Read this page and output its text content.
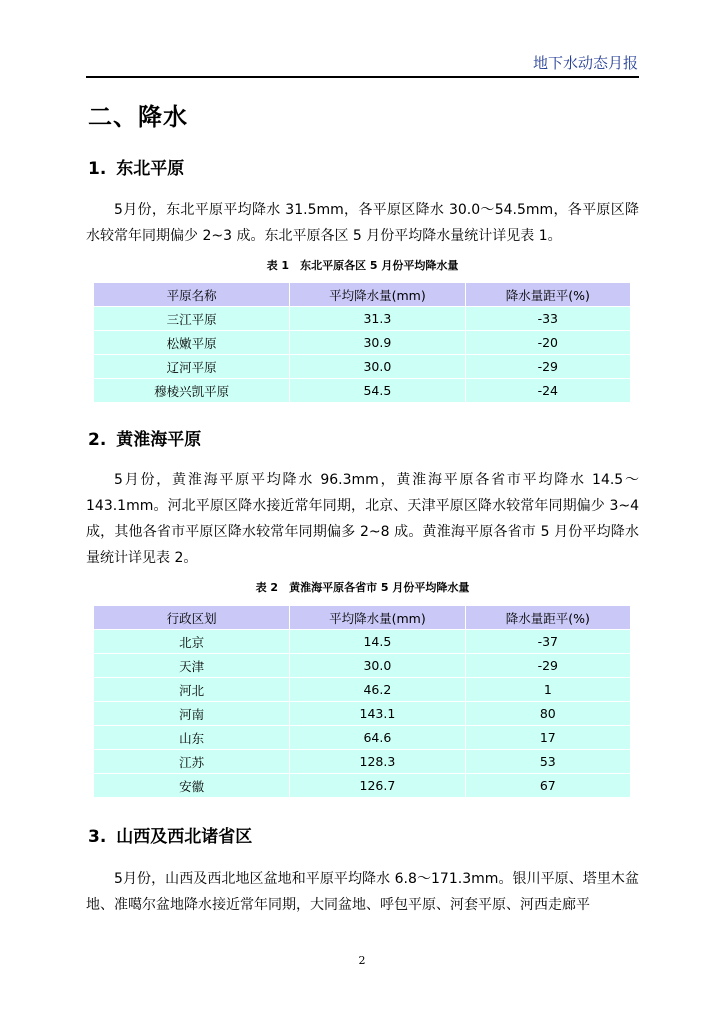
地下水动态月报
二、降水
1. 东北平原

5月份，东北平原平均降水 31.5mm，各平原区降水 30.0～54.5mm，各平原区降水较常年同期偏少 2~3 成。东北平原各区 5 月份平均降水量统计详见表 1。

表 1　东北平原各区 5 月份平均降水量
平原名称	平均降水量(mm)	降水量距平(%)
三江平原	31.3	-33
松嫩平原	30.9	-20
辽河平原	30.0	-29
穆棱兴凯平原	54.5	-24
2. 黄淮海平原

5月份，黄淮海平原平均降水 96.3mm，黄淮海平原各省市平均降水 14.5～143.1mm。河北平原区降水接近常年同期，北京、天津平原区降水较常年同期偏少 3~4 成，其他各省市平原区降水较常年同期偏多 2~8 成。黄淮海平原各省市 5 月份平均降水量统计详见表 2。

表 2　黄淮海平原各省市 5 月份平均降水量
行政区划	平均降水量(mm)	降水量距平(%)
北京	14.5	-37
天津	30.0	-29
河北	46.2	1
河南	143.1	80
山东	64.6	17
江苏	128.3	53
安徽	126.7	67
3. 山西及西北诸省区

5月份，山西及西北地区盆地和平原平均降水 6.8～171.3mm。银川平原、塔里木盆地、准噶尔盆地降水接近常年同期，大同盆地、呼包平原、河套平原、河西走廊平

2
